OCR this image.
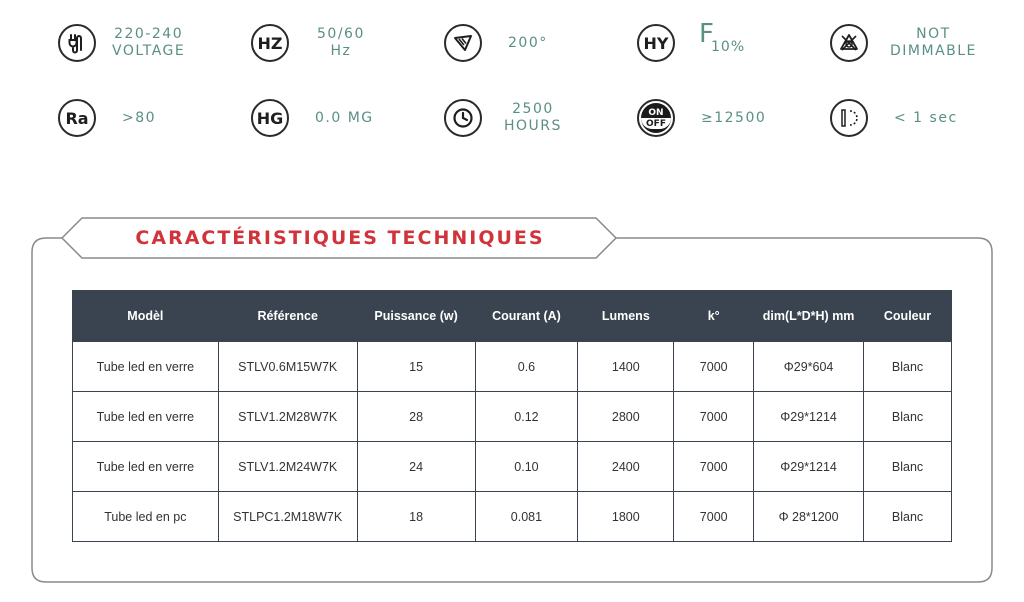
220-240
VOLTAGE	HZ	50/60
Hz
200°	HY F
10%
NOT
DIMMABLE
Ra	>80	HG	0.0 MG
2500
HOURS
ON
OFF	≥12500	< 1 sec
CARACTÉRISTIQUES TECHNIQUES
Modèl	Référence	Puissance (w)	Courant (A)	Lumens	k°	dim(L*D*H) mm	Couleur
Tube led en verre	STLV0.6M15W7K	15	0.6	1400	7000	Φ29*604	Blanc
Tube led en verre	STLV1.2M28W7K	28	0.12	2800	7000	Φ29*1214	Blanc
Tube led en verre	STLV1.2M24W7K	24	0.10	2400	7000	Φ29*1214	Blanc
Tube led en pc	STLPC1.2M18W7K	18	0.081	1800	7000	Φ 28*1200	Blanc
